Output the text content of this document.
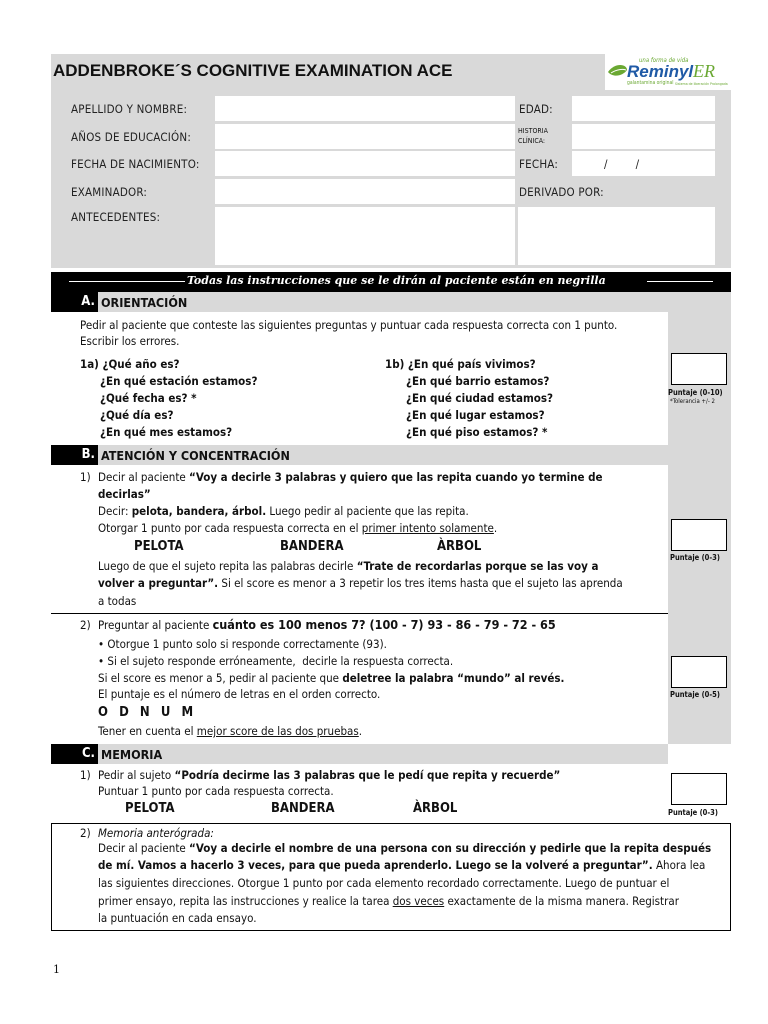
ADDENBROKE´S COGNITIVE EXAMINATION ACE
una forma de vida
Reminyl ER
galantamina original Sistema de liberación Prolongada
APELLIDO Y NOMBRE:	EDAD:
AÑOS DE EDUCACIÓN:	HISTORIA
CLÍNICA:
FECHA DE NACIMIENTO:	FECHA:	/        /
EXAMINADOR:	DERIVADO POR:
ANTECEDENTES:
Todas las instrucciones que se le dirán al paciente están en negrilla
A. ORIENTACIÓN
Pedir al paciente que conteste las siguientes preguntas y puntuar cada respuesta correcta con 1 punto.
Escribir los errores.
1a) ¿Qué año es?
¿En qué estación estamos?
¿Qué fecha es? *
¿Qué día es?
¿En qué mes estamos?
1b) ¿En qué país vivimos?
¿En qué barrio estamos?
¿En qué ciudad estamos?
¿En qué lugar estamos?
¿En qué piso estamos? *
Puntaje (0-10)
*Tolerancia +/- 2
B. ATENCIÓN Y CONCENTRACIÓN
1) Decir al paciente “Voy a decirle 3 palabras y quiero que las repita cuando yo termine de
decirlas”
Decir: pelota, bandera, árbol. Luego pedir al paciente que las repita.
Otorgar 1 punto por cada respuesta correcta en el primer intento solamente.
PELOTA	BANDERA	ÀRBOL
Luego de que el sujeto repita las palabras decirle “Trate de recordarlas porque se las voy a
volver a preguntar”. Si el score es menor a 3 repetir los tres items hasta que el sujeto las aprenda
a todas
Puntaje (0-3)
2) Preguntar al paciente cuánto es 100 menos 7? (100 - 7) 93 - 86 - 79 - 72 - 65
• Otorgue 1 punto solo si responde correctamente (93).
• Si el sujeto responde erróneamente,  decirle la respuesta correcta.
Si el score es menor a 5, pedir al paciente que deletree la palabra “mundo” al revés.
El puntaje es el número de letras en el orden correcto.
O  D  N  U  M
Tener en cuenta el mejor score de las dos pruebas.
Puntaje (0-5)
C. MEMORIA
1) Pedir al sujeto “Podría decirme las 3 palabras que le pedí que repita y recuerde”
Puntuar 1 punto por cada respuesta correcta.
PELOTA	BANDERA	ÀRBOL	Puntaje (0-3)
2) Memoria anterógrada:
Decir al paciente “Voy a decirle el nombre de una persona con su dirección y pedirle que la repita después
de mí. Vamos a hacerlo 3 veces, para que pueda aprenderlo. Luego se la volveré a preguntar”. Ahora lea
las siguientes direcciones. Otorgue 1 punto por cada elemento recordado correctamente. Luego de puntuar el
primer ensayo, repita las instrucciones y realice la tarea dos veces exactamente de la misma manera. Registrar
la puntuación en cada ensayo.
1
